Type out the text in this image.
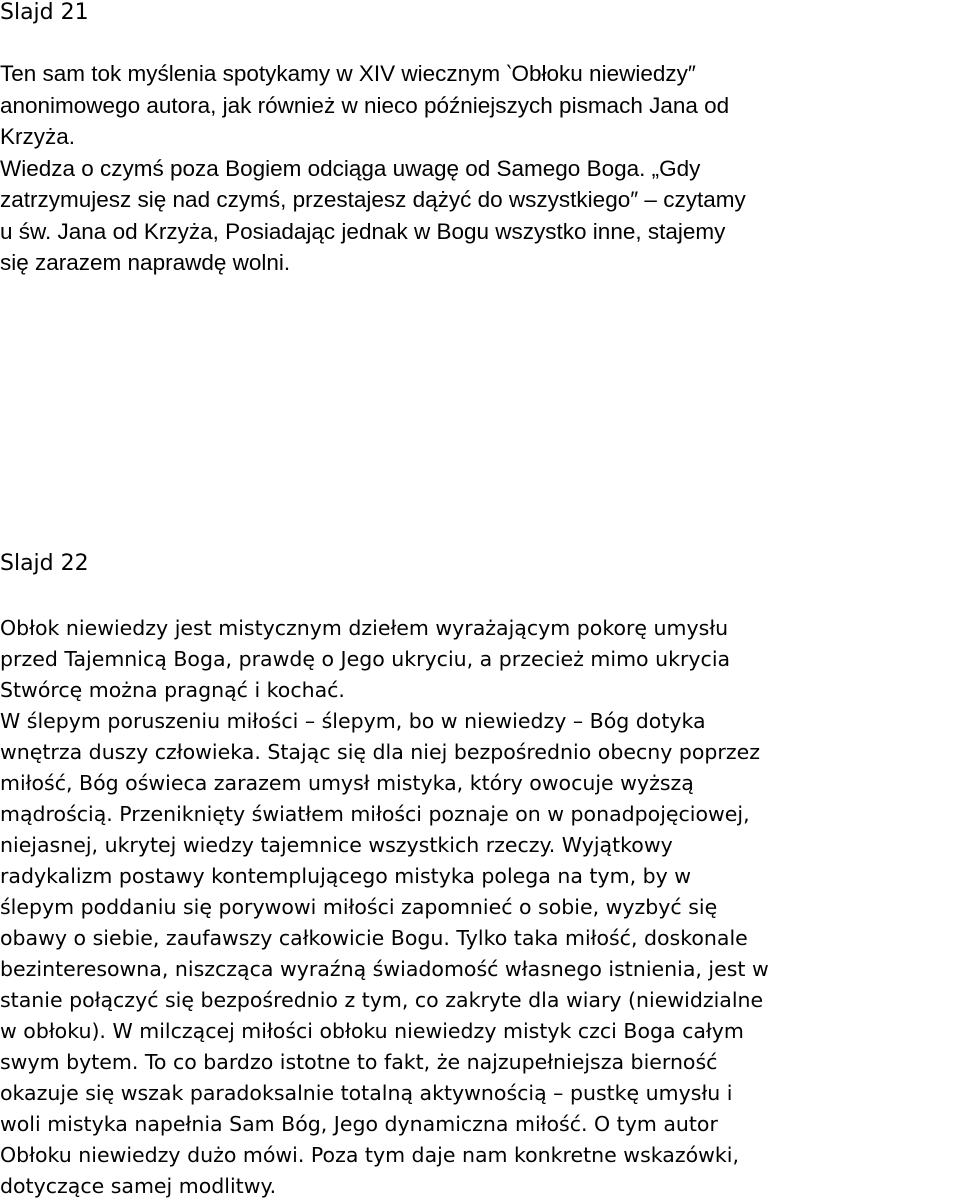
Slajd 21
Ten sam tok myślenia spotykamy w XIV wiecznym ‵Obłoku niewiedzy″
anonimowego autora, jak również w nieco późniejszych pismach Jana od
Krzyża.
Wiedza o czymś poza Bogiem odciąga uwagę od Samego Boga. „Gdy
zatrzymujesz się nad czymś, przestajesz dążyć do wszystkiego″ – czytamy
u św. Jana od Krzyża, Posiadając jednak w Bogu wszystko inne, stajemy
się zarazem naprawdę wolni.
Slajd 22
Obłok niewiedzy jest mistycznym dziełem wyrażającym pokorę umysłu
przed Tajemnicą Boga, prawdę o Jego ukryciu, a przecież mimo ukrycia
Stwórcę można pragnąć i kochać.
W ślepym poruszeniu miłości – ślepym, bo w niewiedzy – Bóg dotyka
wnętrza duszy człowieka. Stając się dla niej bezpośrednio obecny poprzez
miłość, Bóg oświeca zarazem umysł mistyka, który owocuje wyższą
mądrością. Przeniknięty światłem miłości poznaje on w ponadpojęciowej,
niejasnej, ukrytej wiedzy tajemnice wszystkich rzeczy. Wyjątkowy
radykalizm postawy kontemplującego mistyka polega na tym, by w
ślepym poddaniu się porywowi miłości zapomnieć o sobie, wyzbyć się
obawy o siebie, zaufawszy całkowicie Bogu. Tylko taka miłość, doskonale
bezinteresowna, niszcząca wyraźną świadomość własnego istnienia, jest w
stanie połączyć się bezpośrednio z tym, co zakryte dla wiary (niewidzialne
w obłoku). W milczącej miłości obłoku niewiedzy mistyk czci Boga całym
swym bytem. To co bardzo istotne to fakt, że najzupełniejsza bierność
okazuje się wszak paradoksalnie totalną aktywnością – pustkę umysłu i
woli mistyka napełnia Sam Bóg, Jego dynamiczna miłość. O tym autor
Obłoku niewiedzy dużo mówi. Poza tym daje nam konkretne wskazówki,
dotyczące samej modlitwy.
